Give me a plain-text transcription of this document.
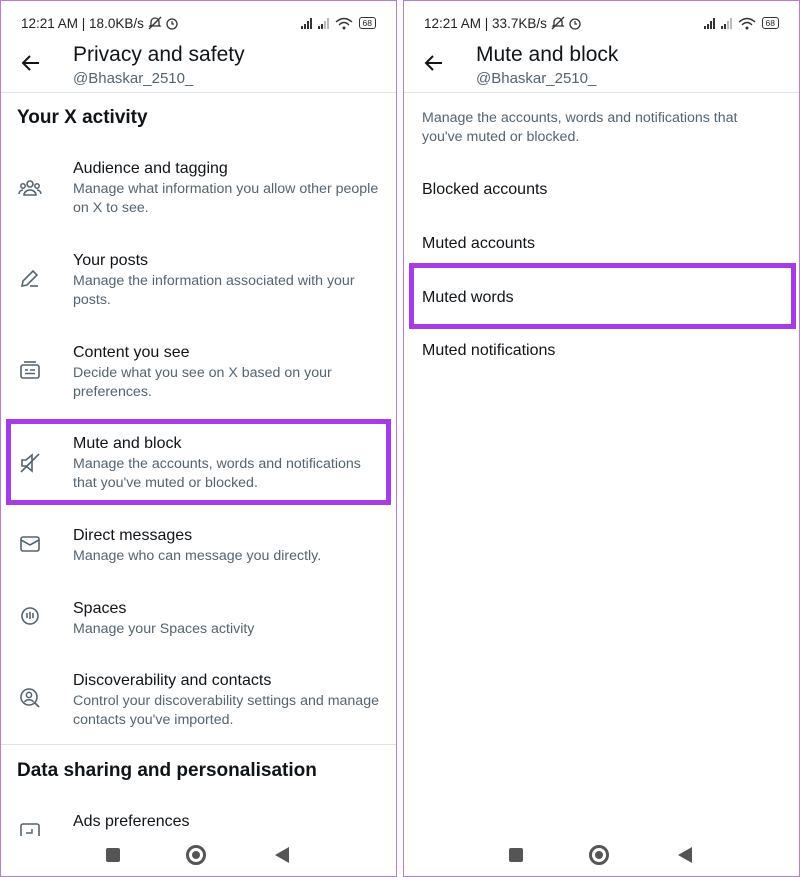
12:21 AM | 18.0KB/s	68
Privacy and safety
@Bhaskar_2510_
Your X activity
Audience and tagging
Manage what information you allow other people on X to see.
Your posts
Manage the information associated with your posts.
Content you see
Decide what you see on X based on your preferences.
Mute and block
Manage the accounts, words and notifications that you've muted or blocked.
Direct messages
Manage who can message you directly.
Spaces
Manage your Spaces activity
Discoverability and contacts
Control your discoverability settings and manage contacts you've imported.
Data sharing and personalisation
Ads preferences
12:21 AM | 33.7KB/s	68
Mute and block
@Bhaskar_2510_
Manage the accounts, words and notifications that you've muted or blocked.
Blocked accounts
Muted accounts
Muted words
Muted notifications
